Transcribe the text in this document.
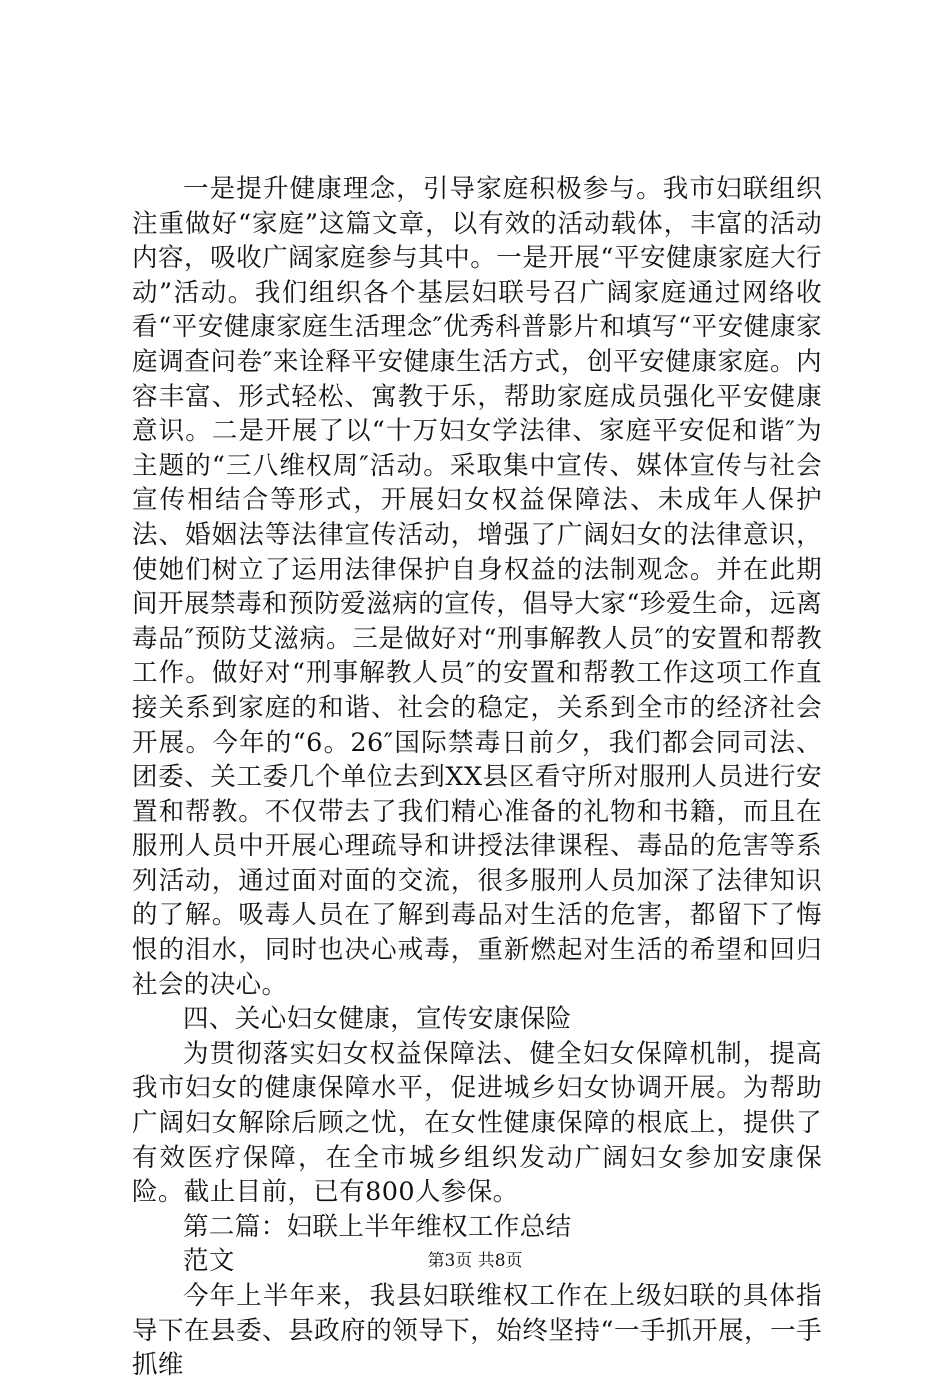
一是提升健康理念，引导家庭积极参与。我市妇联组织注重做好“家庭”这篇文章，以有效的活动载体，丰富的活动内容，吸收广阔家庭参与其中。一是开展“平安健康家庭大行动”活动。我们组织各个基层妇联号召广阔家庭通过网络收看“平安健康家庭生活理念″优秀科普影片和填写“平安健康家庭调查问卷″来诠释平安健康生活方式，创平安健康家庭。内容丰富、形式轻松、寓教于乐，帮助家庭成员强化平安健康意识。二是开展了以“十万妇女学法律、家庭平安促和谐″为主题的“三八维权周″活动。采取集中宣传、媒体宣传与社会宣传相结合等形式，开展妇女权益保障法、未成年人保护法、婚姻法等法律宣传活动，增强了广阔妇女的法律意识，使她们树立了运用法律保护自身权益的法制观念。并在此期间开展禁毒和预防爱滋病的宣传，倡导大家“珍爱生命，远离毒品″预防艾滋病。三是做好对“刑事解教人员″的安置和帮教工作。做好对“刑事解教人员″的安置和帮教工作这项工作直接关系到家庭的和谐、社会的稳定，关系到全市的经济社会开展。今年的“6。26″国际禁毒日前夕，我们都会同司法、团委、关工委几个单位去到XX县区看守所对服刑人员进行安置和帮教。不仅带去了我们精心准备的礼物和书籍，而且在服刑人员中开展心理疏导和讲授法律课程、毒品的危害等系列活动，通过面对面的交流，很多服刑人员加深了法律知识的了解。吸毒人员在了解到毒品对生活的危害，都留下了悔恨的泪水，同时也决心戒毒，重新燃起对生活的希望和回归社会的决心。

四、关心妇女健康，宣传安康保险

为贯彻落实妇女权益保障法、健全妇女保障机制，提高我市妇女的健康保障水平，促进城乡妇女协调开展。为帮助广阔妇女解除后顾之忧，在女性健康保障的根底上，提供了有效医疗保障，在全市城乡组织发动广阔妇女参加安康保险。截止目前，已有800人参保。

第二篇：妇联上半年维权工作总结

范文

今年上半年来，我县妇联维权工作在上级妇联的具体指导下在县委、县政府的领导下，始终坚持“一手抓开展，一手抓维

第3页 共8页
